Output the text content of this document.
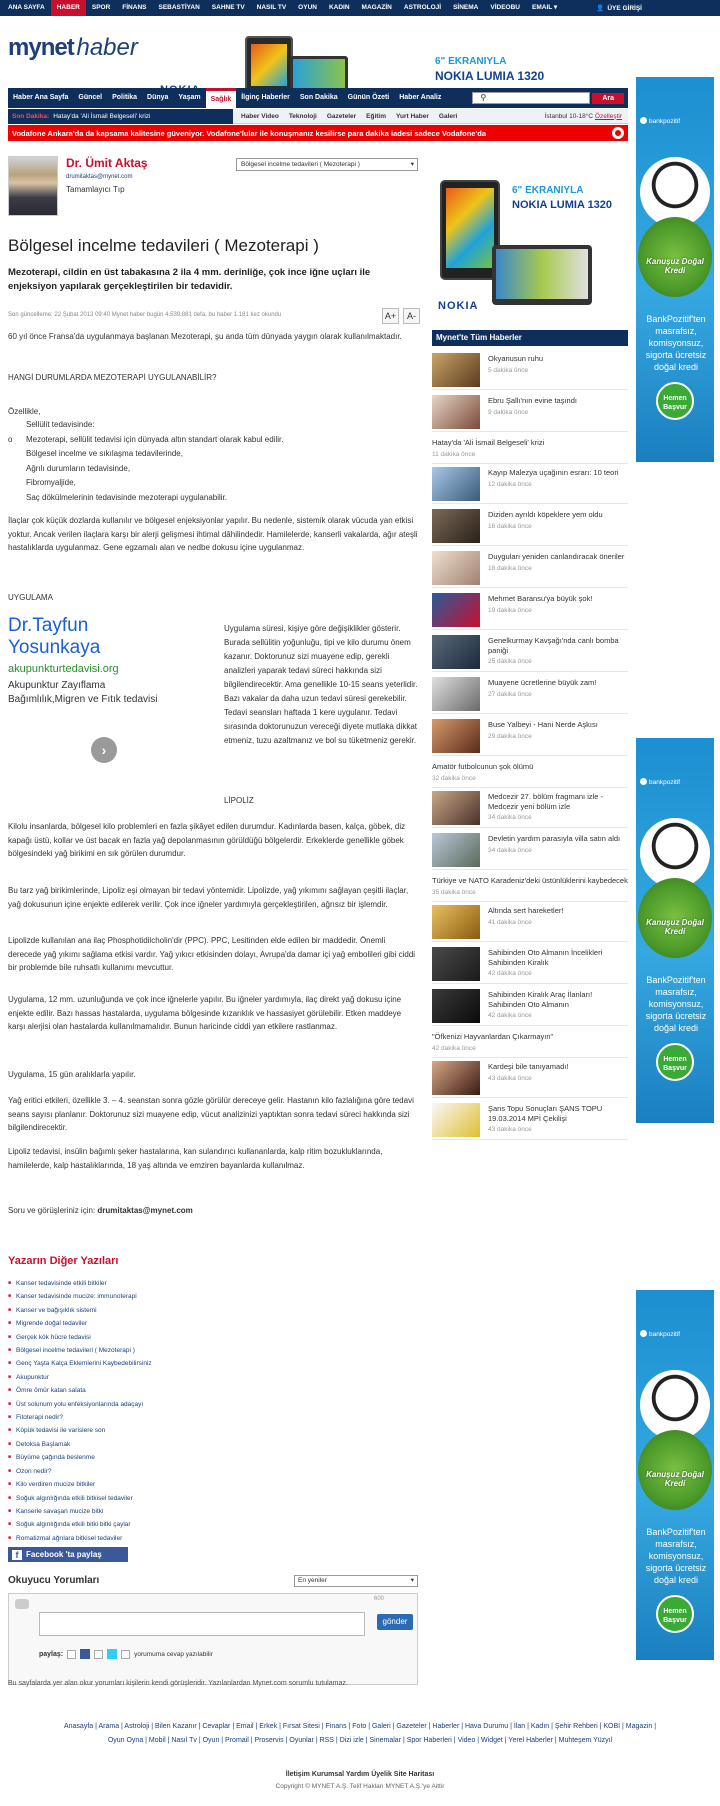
ANA SAYFA	HABER	SPOR	FİNANS	SEBASTİYAN	SAHNE TV	NASIL TV	OYUN	KADIN	MAGAZİN	ASTROLOJİ	SİNEMA	VİDEOBU	EMAIL ▾	👤 ÜYE GİRİŞİ
mynet haber
6" EKRANIYLA
NOKIA LUMIA 1320
Haber Ana Sayfa	Güncel	Politika	Dünya	Yaşam	Sağlık	İlginç Haberler	Son Dakika	Günün Özeti	Haber Analiz	⚲	Ara
Son Dakika: Hatay'da 'Ali İsmail Belgeseli' krizi	Haber Video Teknoloji Gazeteler Eğitim Yurt Haber Galeri	İstanbul 10-18°C Özelleştir
Vodafone Ankara'da da kapsama kalitesine güveniyor. Vodafone'lular ile konuşmanız kesilirse para dakika iadesi sadece Vodafone'da
Dr. Ümit Aktaş
drumitaktas@mynet.com
Tamamlayıcı Tıp
Bölgesel incelme tedavileri ( Mezoterapi ) ▾
Bölgesel incelme tedavileri ( Mezoterapi )
Mezoterapi, cildin en üst tabakasına 2 ila 4 mm. derinliğe, çok ince iğne uçları ile enjeksiyon yapılarak gerçekleştirilen bir tedavidir.
Son güncelleme: 22 Şubat 2013 09:40 Mynet haber bugün 4.539.881 defa, bu haber 1.181 kez okundu	A+	A-
60 yıl önce Fransa'da uygulanmaya başlanan Mezoterapi, şu anda tüm dünyada yaygın olarak kullanılmaktadır.
HANGİ DURUMLARDA MEZOTERAPİ UYGULANABİLİR?
Özellikle,
Sellülit tedavisinde:
o Mezoterapi, sellülit tedavisi için dünyada altın standart olarak kabul edilir.
Bölgesel incelme ve sıkılaşma tedavilerinde,
Ağrılı durumların tedavisinde,
Fibromyaljide,
Saç dökülmelerinin tedavisinde mezoterapi uygulanabilir.
İlaçlar çok küçük dozlarda kullanılır ve bölgesel enjeksiyonlar yapılır. Bu nedenle, sistemik olarak vücuda yan etkisi yoktur. Ancak verilen ilaçlara karşı bir alerji gelişmesi ihtimal dâhilindedir. Hamilelerde, kanserli vakalarda, ağır ateşli hastalıklarda uygulanmaz. Gene egzamalı alan ve nedbe dokusu içine uygulanmaz.
UYGULAMA
Dr.Tayfun
Yosunkaya
akupunkturtedavisi.org
Akupunktur Zayıflama
Bağımlılık,Migren ve Fıtık tedavisi
›
Uygulama süresi, kişiye göre değişiklikler gösterir. Burada sellülitin yoğunluğu, tipi ve kilo durumu önem kazanır. Doktorunuz sizi muayene edip, gerekli analizleri yaparak tedavi süreci hakkında sizi bilgilendirecektir. Ama genellikle 10-15 seans yeterlidir. Bazı vakalar da daha uzun tedavi süresi gerekebilir. Tedavi seansları haftada 1 kere uygulanır. Tedavi sırasında doktorunuzun vereceği diyete mutlaka dikkat etmeniz, tuzu azaltmanız ve bol su tüketmeniz gerekir.
LİPOLİZ
Kilolu insanlarda, bölgesel kilo problemleri en fazla şikâyet edilen durumdur. Kadınlarda basen, kalça, göbek, diz kapağı üstü, kollar ve üst bacak en fazla yağ depolanmasının görüldüğü bölgelerdir. Erkeklerde genellikle göbek bölgesindeki yağ birikimi en sık görülen durumdur.
Bu tarz yağ birikimlerinde, Lipoliz eşi olmayan bir tedavi yöntemidir. Lipolizde, yağ yıkımını sağlayan çeşitli ilaçlar, yağ dokusunun içine enjekte edilerek verilir. Çok ince iğneler yardımıyla gerçekleştirilen, ağrısız bir işlemdir.
Lipolizde kullanılan ana ilaç Phosphotidilcholin'dir (PPC). PPC, Lesitinden elde edilen bir maddedir. Önemli derecede yağ yıkımı sağlama etkisi vardır. Yağ yıkıcı etkisinden dolayı, Avrupa'da damar içi yağ embolileri gibi ciddi bir problemde bile ruhsatlı kullanımı mevcuttur.
Uygulama, 12 mm. uzunluğunda ve çok ince iğnelerle yapılır. Bu iğneler yardımıyla, ilaç direkt yağ dokusu içine enjekte edilir. Bazı hassas hastalarda, uygulama bölgesinde kızarıklık ve hassasiyet görülebilir. Etken maddeye karşı alerjisi olan hastalarda kullanılmamalıdır. Bunun haricinde ciddi yan etkilere rastlanmaz.
Uygulama, 15 gün aralıklarla yapılır.
Yağ eritici etkileri, özellikle 3. – 4. seanstan sonra gözle görülür dereceye gelir. Hastanın kilo fazlalığına göre tedavi seans sayısı planlanır. Doktorunuz sizi muayene edip, vücut analizinizi yaptıktan sonra tedavi süreci hakkında sizi bilgilendirecektir.
Lipoliz tedavisi, insülin bağımlı şeker hastalarına, kan sulandırıcı kullananlarda, kalp ritim bozukluklarında, hamilelerde, kalp hastalıklarında, 18 yaş altında ve emziren bayanlarda kullanılmaz.
Soru ve görüşleriniz için: drumitaktas@mynet.com
Yazarın Diğer Yazıları
■ Kanser tedavisinde etkili bitkiler
■ Kanser tedavisinde mucize: immunoterapi
■ Kanser ve bağışıklık sistemi
■ Migrende doğal tedaviler
■ Gerçek kök hücre tedavisi
■ Bölgesel incelme tedavileri ( Mezoterapi )
■ Genç Yaşta Kalça Eklemlerini Kaybedebilirsiniz
■ Akupunktur
■ Ömre ömür katan salata
■ Üst solunum yolu enfeksiyonlarında adaçayı
■ Fitoterapi nedir?
■ Köpük tedavisi ile varislere son
■ Detoksa Başlamak
■ Büyüme çağında beslenme
■ Ozon nedir?
■ Kilo verdiren mucize bitkiler
■ Soğuk algınlığında etkili bitkisel tedaviler
■ Kanserle savaşan mucize bitki
■ Soğuk algınlığında etkili bitki bitki çaylar
■ Romatizmal ağrılara bitkisel tedaviler
f Facebook 'ta paylaş
Okuyucu Yorumları	En yeniler ▾
600
gönder
paylaş:	yorumuma cevap yazılabilir
Bu sayfalarda yer alan okur yorumları kişilerin kendi görüşleridir. Yazılanlardan Mynet.com sorumlu tutulamaz.
6" EKRANIYLA
NOKIA LUMIA 1320
NOKIA
Mynet'te Tüm Haberler
Okyanusun ruhu
5 dakika önce
Ebru Şallı'nın evine taşındı
9 dakika önce
Hatay'da 'Ali İsmail Belgeseli' krizi
11 dakika önce
Kayıp Malezya uçağının esrarı: 10 teori
12 dakika önce
Diziden ayrıldı köpeklere yem oldu
16 dakika önce
Duyguları yeniden canlandıracak öneriler
18 dakika önce
Mehmet Baransu'ya büyük şok!
19 dakika önce
Genelkurmay Kavşağı'nda canlı bomba paniği
25 dakika önce
Muayene ücretlerine büyük zam!
27 dakika önce
Buse Yalbeyi - Hani Nerde Aşkısı
29 dakika önce
Amatör futbolcunun şok ölümü
32 dakika önce
Medcezir 27. bölüm fragmanı izle - Medcezir yeni bölüm izle
34 dakika önce
Devletin yardım parasıyla villa satın aldı
34 dakika önce
Türkiye ve NATO Karadeniz'deki üstünlüklerini kaybedecek
35 dakika önce
Altında sert hareketler!
41 dakika önce
Sahibinden Oto Almanın İncelikleri Sahibinden Kiralık
42 dakika önce
Sahibinden Kiralık Araç İlanları! Sahibinden Oto Almanın
42 dakika önce
"Öfkenizi Hayvanlardan Çıkarmayın"
42 dakika önce
Kardeşi bile tanıyamadı!
43 dakika önce
Şans Topu Sonuçları ŞANS TOPU 19.03.2014 MPİ Çekilişi
43 dakika önce
bankpozitif
Kanuşuz Doğal Kredi
BankPozitif'ten masrafsız, komisyonsuz, sigorta ücretsiz doğal kredi
Hemen Başvur
bankpozitif
Kanuşuz Doğal Kredi
BankPozitif'ten masrafsız, komisyonsuz, sigorta ücretsiz doğal kredi
Hemen Başvur
bankpozitif
Kanuşuz Doğal Kredi
BankPozitif'ten masrafsız, komisyonsuz, sigorta ücretsiz doğal kredi
Hemen Başvur
Anasayfa | Arama | Astroloji | Bilen Kazanır | Cevaplar | Email | Erkek | Fırsat Sitesi | Finans | Foto | Galeri | Gazeteler | Haberler | Hava Durumu | İlan | Kadın | Şehir Rehberi | KOBİ | Magazin | Oyun Oyna | Mobil | Nasıl Tv | Oyun | Promail | Proservis | Oyunlar | RSS | Dizi izle | Sinemalar | Spor Haberleri | Video | Widget | Yerel Haberler | Muhteşem Yüzyıl
İletişim Kurumsal Yardım Üyelik Site Haritası
Copyright © MYNET A.Ş. Telif Hakları MYNET A.Ş.'ye Aittir
